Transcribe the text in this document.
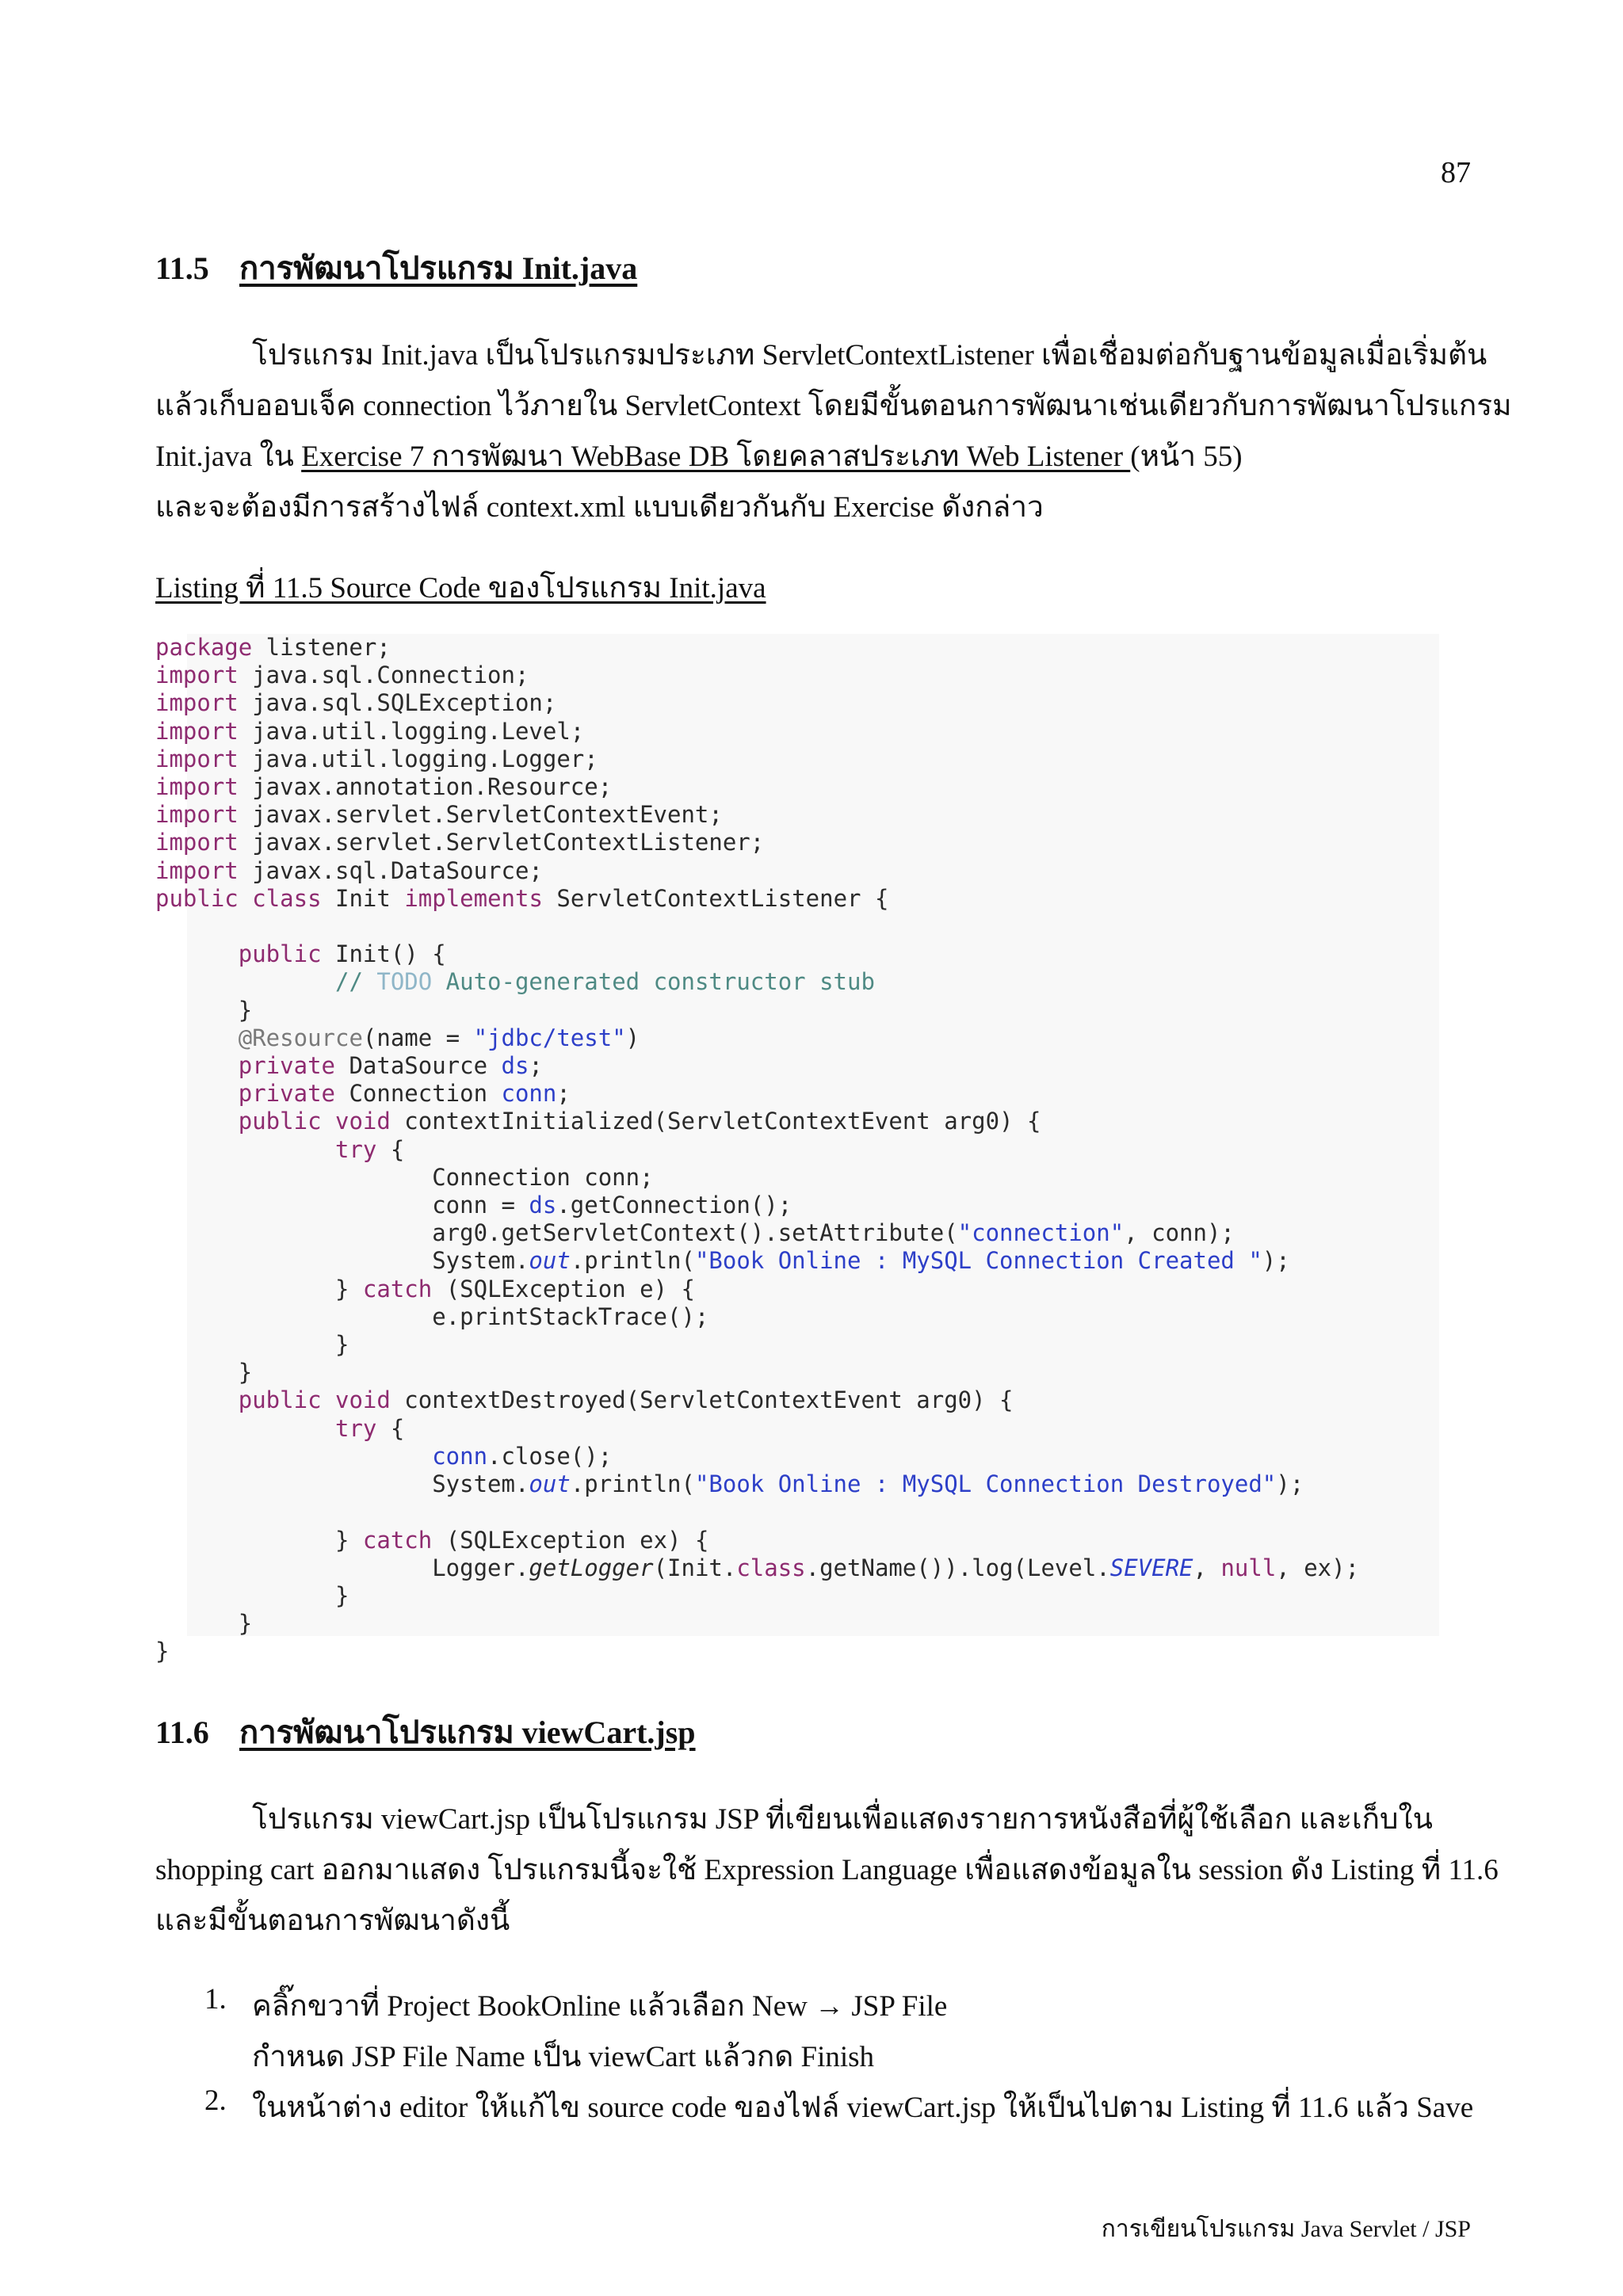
87
11.5 การพัฒนาโปรแกรม Init.java
โปรแกรม Init.java เป็นโปรแกรมประเภท ServletContextListener เพื่อเชื่อมต่อกับฐานข้อมูลเมื่อเริ่มต้น
แล้วเก็บออบเจ็ค connection ไว้ภายใน ServletContext โดยมีขั้นตอนการพัฒนาเช่นเดียวกับการพัฒนาโปรแกรม
Init.java ใน Exercise 7 การพัฒนา WebBase DB โดยคลาสประเภท Web Listener (หน้า 55)
และจะต้องมีการสร้างไฟล์ context.xml แบบเดียวกันกับ Exercise ดังกล่าว
Listing ที่ 11.5 Source Code ของโปรแกรม Init.java
package listener;
import java.sql.Connection;
import java.sql.SQLException;
import java.util.logging.Level;
import java.util.logging.Logger;
import javax.annotation.Resource;
import javax.servlet.ServletContextEvent;
import javax.servlet.ServletContextListener;
import javax.sql.DataSource;
public class Init implements ServletContextListener {

public Init() {
// TODO Auto-generated constructor stub
}
@Resource(name = "jdbc/test")
private DataSource ds;
private Connection conn;
public void contextInitialized(ServletContextEvent arg0) {
try {
Connection conn;
conn = ds.getConnection();
arg0.getServletContext().setAttribute("connection", conn);
System.out.println("Book Online : MySQL Connection Created ");
} catch (SQLException e) {
e.printStackTrace();
}
}
public void contextDestroyed(ServletContextEvent arg0) {
try {
conn.close();
System.out.println("Book Online : MySQL Connection Destroyed");

} catch (SQLException ex) {
Logger.getLogger(Init.class.getName()).log(Level.SEVERE, null, ex);
}
}
}
11.6 การพัฒนาโปรแกรม viewCart.jsp
โปรแกรม viewCart.jsp เป็นโปรแกรม JSP ที่เขียนเพื่อแสดงรายการหนังสือที่ผู้ใช้เลือก และเก็บใน
shopping cart ออกมาแสดง โปรแกรมนี้จะใช้ Expression Language เพื่อแสดงข้อมูลใน session ดัง Listing ที่ 11.6
และมีขั้นตอนการพัฒนาดังนี้
1. คลิ๊กขวาที่ Project BookOnline แล้วเลือก New → JSP File
กำหนด JSP File Name เป็น viewCart แล้วกด Finish
2. ในหน้าต่าง editor ให้แก้ไข source code ของไฟล์ viewCart.jsp ให้เป็นไปตาม Listing ที่ 11.6 แล้ว Save
การเขียนโปรแกรม Java Servlet / JSP
